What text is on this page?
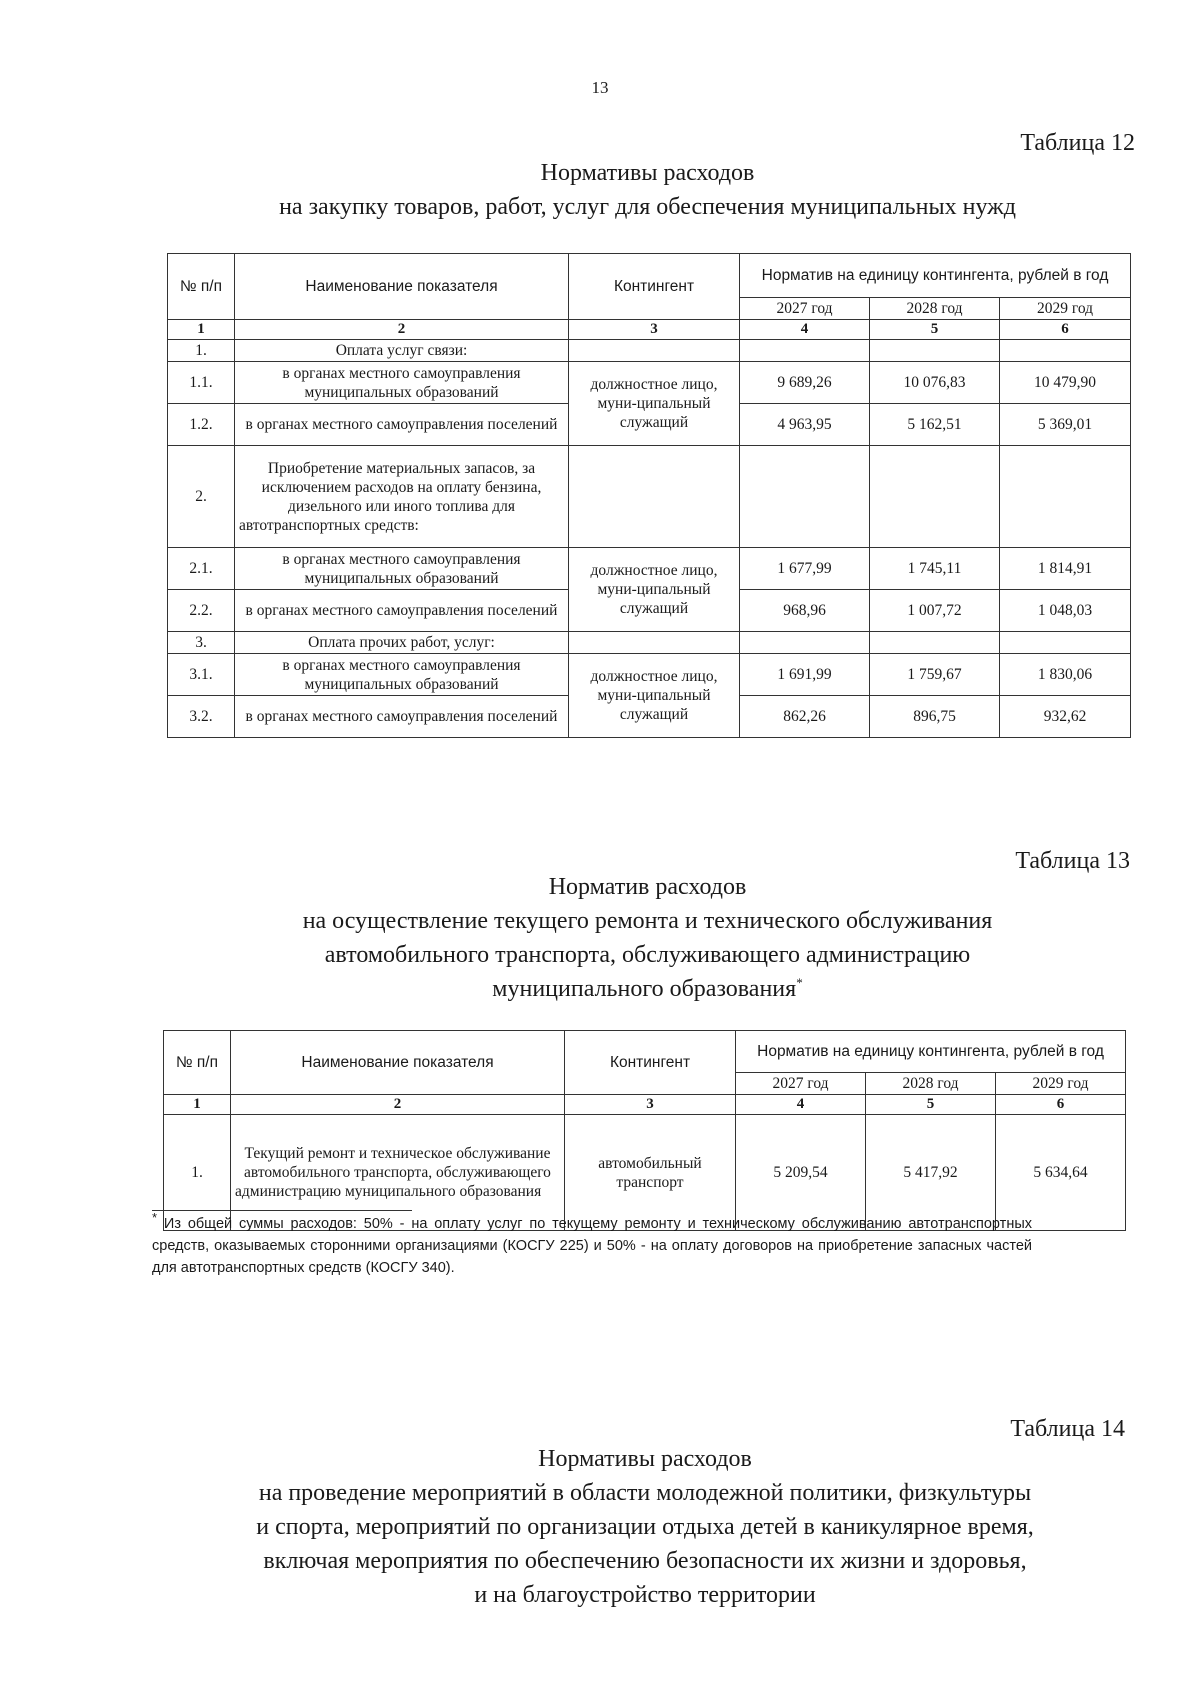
13
Таблица 12
Нормативы расходов
на закупку товаров, работ, услуг для обеспечения муниципальных нужд
№ п/п	Наименование показателя	Контингент	Норматив на единицу контингента, рублей в год		
			2027 год	2028 год	2029 год
1	2	3	4	5	6
1.	Оплата услуг связи:				
1.1.	в органах местного самоуправления муниципальных образований	должностное лицо, муни-ципальный служащий	9 689,26	10 076,83	10 479,90
1.2.	в органах местного самоуправления поселений		4 963,95	5 162,51	5 369,01
2.	Приобретение материальных запасов, за исключением расходов на оплату бензина, дизельного или иного топлива для автотранспортных средств:				
2.1.	в органах местного самоуправления муниципальных образований	должностное лицо, муни-ципальный служащий	1 677,99	1 745,11	1 814,91
2.2.	в органах местного самоуправления поселений		968,96	1 007,72	1 048,03
3.	Оплата прочих работ, услуг:				
3.1.	в органах местного самоуправления муниципальных образований	должностное лицо, муни-ципальный служащий	1 691,99	1 759,67	1 830,06
3.2.	в органах местного самоуправления поселений		862,26	896,75	932,62
Таблица 13
Норматив расходов
на осуществление текущего ремонта и технического обслуживания
автомобильного транспорта, обслуживающего администрацию
муниципального образования*
№ п/п	Наименование показателя	Контингент	Норматив на единицу контингента, рублей в год		
			2027 год	2028 год	2029 год
1	2	3	4	5	6
1.	Текущий ремонт и техническое обслуживание автомобильного транспорта, обслуживающего администрацию муниципального образования	автомобильный транспорт	5 209,54	5 417,92	5 634,64
* Из общей суммы расходов: 50% - на оплату услуг по текущему ремонту и техническому обслуживанию автотранспортных средств, оказываемых сторонними организациями (КОСГУ 225) и 50% - на оплату договоров на приобретение запасных частей для автотранспортных средств (КОСГУ 340).
Таблица 14
Нормативы расходов
на проведение мероприятий в области молодежной политики, физкультуры
и спорта, мероприятий по организации отдыха детей в каникулярное время,
включая мероприятия по обеспечению безопасности их жизни и здоровья,
и на благоустройство территории
